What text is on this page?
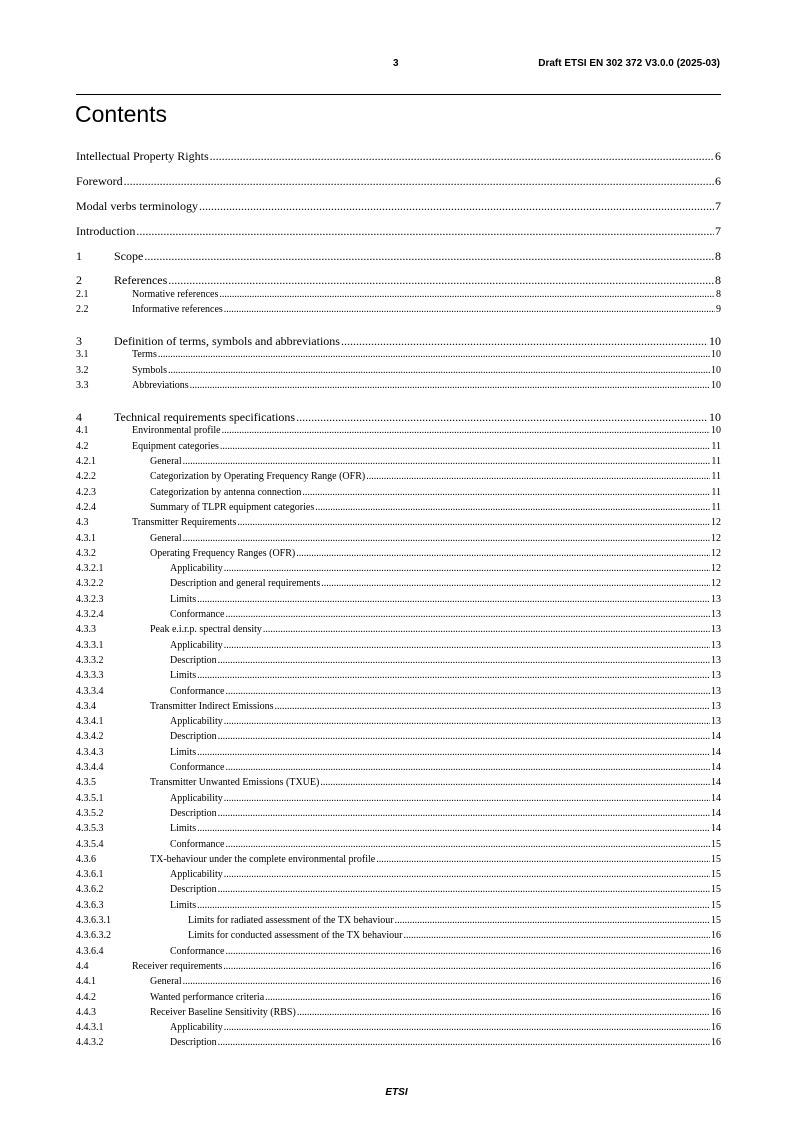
3	Draft ETSI EN 302 372 V3.0.0 (2025-03)
Contents
Intellectual Property Rights .....	6
Foreword .....	6
Modal verbs terminology .....	7
Introduction .....	7
1	Scope .....	8
2	References .....	8
2.1	Normative references .....	8
2.2	Informative references .....	9
3	Definition of terms, symbols and abbreviations .....	10
3.1	Terms .....	10
3.2	Symbols .....	10
3.3	Abbreviations .....	10
4	Technical requirements specifications .....	10
4.1	Environmental profile .....	10
4.2	Equipment categories .....	11
4.2.1	General .....	11
4.2.2	Categorization by Operating Frequency Range (OFR) .....	11
4.2.3	Categorization by antenna connection .....	11
4.2.4	Summary of TLPR equipment categories .....	11
4.3	Transmitter Requirements .....	12
4.3.1	General .....	12
4.3.2	Operating Frequency Ranges (OFR) .....	12
4.3.2.1	Applicability .....	12
4.3.2.2	Description and general requirements .....	12
4.3.2.3	Limits .....	13
4.3.2.4	Conformance .....	13
4.3.3	Peak e.i.r.p. spectral density .....	13
4.3.3.1	Applicability .....	13
4.3.3.2	Description .....	13
4.3.3.3	Limits .....	13
4.3.3.4	Conformance .....	13
4.3.4	Transmitter Indirect Emissions .....	13
4.3.4.1	Applicability .....	13
4.3.4.2	Description .....	14
4.3.4.3	Limits .....	14
4.3.4.4	Conformance .....	14
4.3.5	Transmitter Unwanted Emissions (TXUE) .....	14
4.3.5.1	Applicability .....	14
4.3.5.2	Description .....	14
4.3.5.3	Limits .....	14
4.3.5.4	Conformance .....	15
4.3.6	TX-behaviour under the complete environmental profile .....	15
4.3.6.1	Applicability .....	15
4.3.6.2	Description .....	15
4.3.6.3	Limits .....	15
4.3.6.3.1	Limits for radiated assessment of the TX behaviour .....	15
4.3.6.3.2	Limits for conducted assessment of the TX behaviour .....	16
4.3.6.4	Conformance .....	16
4.4	Receiver requirements .....	16
4.4.1	General .....	16
4.4.2	Wanted performance criteria .....	16
4.4.3	Receiver Baseline Sensitivity (RBS) .....	16
4.4.3.1	Applicability .....	16
4.4.3.2	Description .....	16
ETSI
